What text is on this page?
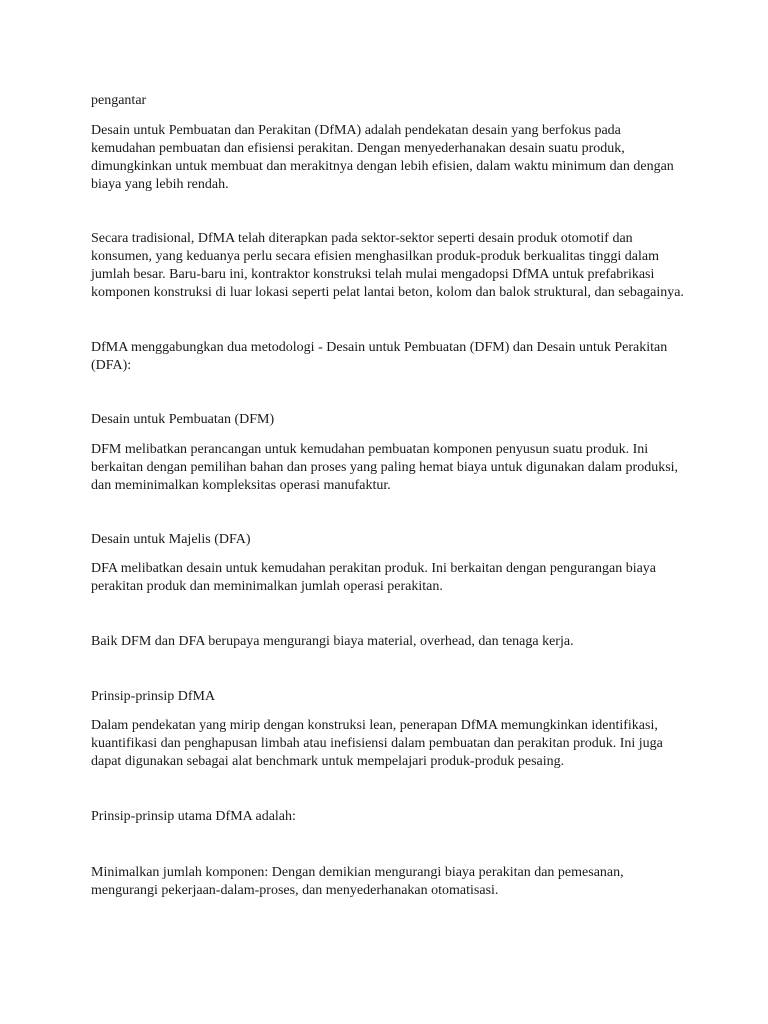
pengantar
Desain untuk Pembuatan dan Perakitan (DfMA) adalah pendekatan desain yang berfokus pada
kemudahan pembuatan dan efisiensi perakitan. Dengan menyederhanakan desain suatu produk,
dimungkinkan untuk membuat dan merakitnya dengan lebih efisien, dalam waktu minimum dan dengan
biaya yang lebih rendah.
Secara tradisional, DfMA telah diterapkan pada sektor-sektor seperti desain produk otomotif dan
konsumen, yang keduanya perlu secara efisien menghasilkan produk-produk berkualitas tinggi dalam
jumlah besar. Baru-baru ini, kontraktor konstruksi telah mulai mengadopsi DfMA untuk prefabrikasi
komponen konstruksi di luar lokasi seperti pelat lantai beton, kolom dan balok struktural, dan sebagainya.
DfMA menggabungkan dua metodologi - Desain untuk Pembuatan (DFM) dan Desain untuk Perakitan
(DFA):
Desain untuk Pembuatan (DFM)
DFM melibatkan perancangan untuk kemudahan pembuatan komponen penyusun suatu produk. Ini
berkaitan dengan pemilihan bahan dan proses yang paling hemat biaya untuk digunakan dalam produksi,
dan meminimalkan kompleksitas operasi manufaktur.
Desain untuk Majelis (DFA)
DFA melibatkan desain untuk kemudahan perakitan produk. Ini berkaitan dengan pengurangan biaya
perakitan produk dan meminimalkan jumlah operasi perakitan.
Baik DFM dan DFA berupaya mengurangi biaya material, overhead, dan tenaga kerja.
Prinsip-prinsip DfMA
Dalam pendekatan yang mirip dengan konstruksi lean, penerapan DfMA memungkinkan identifikasi,
kuantifikasi dan penghapusan limbah atau inefisiensi dalam pembuatan dan perakitan produk. Ini juga
dapat digunakan sebagai alat benchmark untuk mempelajari produk-produk pesaing.
Prinsip-prinsip utama DfMA adalah:
Minimalkan jumlah komponen: Dengan demikian mengurangi biaya perakitan dan pemesanan,
mengurangi pekerjaan-dalam-proses, dan menyederhanakan otomatisasi.
